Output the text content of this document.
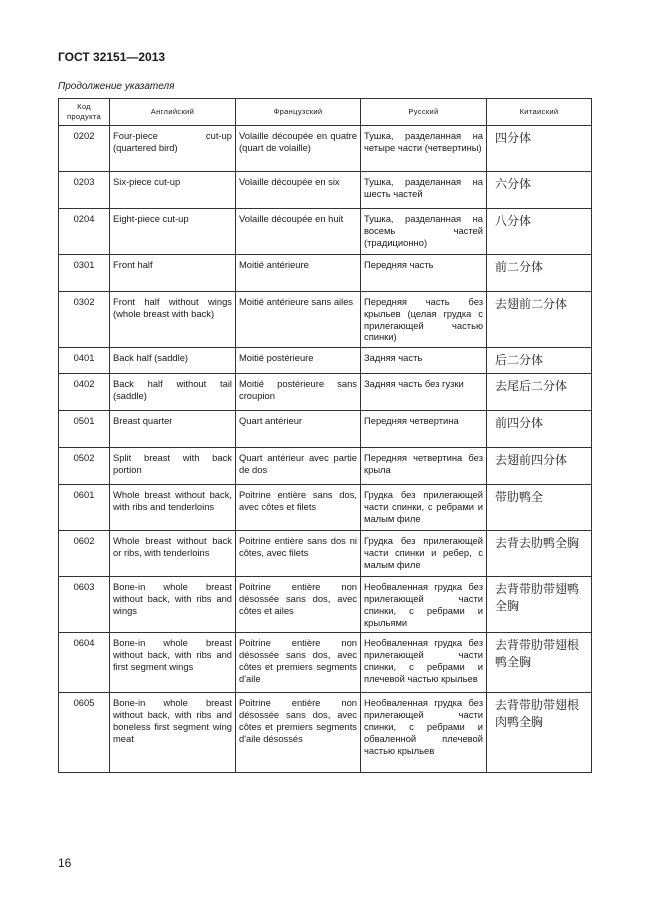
ГОСТ 32151—2013
Продолжение указателя
Код продукта	Английский	Французский	Русский	Китаиский
0202	Four-piece cut-up (quartered bird)	Volaille découpée en quatre (quart de volaille)	Тушка, разделанная на четыре части (четвертины)	四分体
0203	Six-piece cut-up	Volaille découpée en six	Тушка, разделанная на шесть частей	六分体
0204	Eight-piece cut-up	Volaille découpée en huit	Тушка, разделанная на восемь частей (традиционно)	八分体
0301	Front half	Moitié antérieure	Передняя часть	前二分体
0302	Front half without wings (whole breast with back)	Moitié antérieure sans ailes	Передняя часть без крыльев (целая грудка с прилегающей частью спинки)	去翅前二分体
0401	Back half (saddle)	Moitié postérieure	Задняя часть	后二分体
0402	Back half without tail (saddle)	Moitié postérieure sans croupion	Задняя часть без гузки	去尾后二分体
0501	Breast quarter	Quart antérieur	Передняя четвертина	前四分体
0502	Split breast with back portion	Quart antérieur avec partie de dos	Передняя четвертина без крыла	去翅前四分体
0601	Whole breast without back, with ribs and tenderloins	Poitrine entière sans dos, avec côtes et filets	Грудка без прилегающей части спинки, с ребрами и малым филе	带肋鸭全
0602	Whole breast without back or ribs, with tenderloins	Poitrine entière sans dos ni côtes, avec filets	Грудка без прилегающей части спинки и ребер, с малым филе	去背去肋鸭全胸
0603	Bone-in whole breast without back, with ribs and wings	Poitrine entière non désossée sans dos, avec côtes et ailes	Необваленная грудка без прилегающей части спинки, с ребрами и крыльями	去背带肋带翅鸭全胸
0604	Bone-in whole breast without back, with ribs and first segment wings	Poitrine entière non désossée sans dos, avec côtes et premiers segments d'aile	Необваленная грудка без прилегающей части спинки, с ребрами и плечевой частью крыльев	去背带肋带翅根鸭全胸
0605	Bone-in whole breast without back, with ribs and boneless first segment wing meat	Poitrine entière non désossée sans dos, avec côtes et premiers segments d'aile désossés	Необваленная грудка без прилегающей части спинки, с ребрами и обваленной плечевой частью крыльев	去背带肋带翅根肉鸭全胸
16
